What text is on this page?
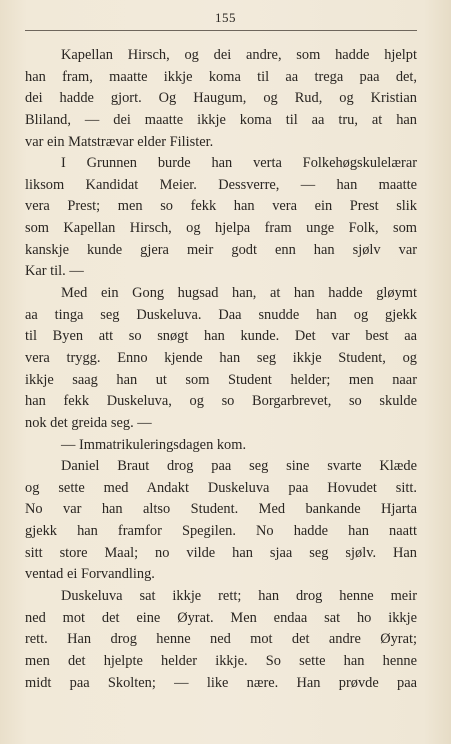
155
Kapellan Hirsch, og dei andre, som hadde hjelpt
han fram, maatte ikkje koma til aa trega paa det,
dei hadde gjort. Og Haugum, og Rud, og Kristian
Bliland, — dei maatte ikkje koma til aa tru, at han
var ein Matstrævar elder Filister.
I Grunnen burde han verta Folkehøgskulelærar
liksom Kandidat Meier. Dessverre, — han maatte
vera Prest; men so fekk han vera ein Prest slik
som Kapellan Hirsch, og hjelpa fram unge Folk, som
kanskje kunde gjera meir godt enn han sjølv var
Kar til. —
Med ein Gong hugsad han, at han hadde gløymt
aa tinga seg Duskeluva. Daa snudde han og gjekk
til Byen att so snøgt han kunde. Det var best aa
vera trygg. Enno kjende han seg ikkje Student, og
ikkje saag han ut som Student helder; men naar
han fekk Duskeluva, og so Borgarbrevet, so skulde
nok det greida seg. —
— Immatrikuleringsdagen kom.
Daniel Braut drog paa seg sine svarte Klæde
og sette med Andakt Duskeluva paa Hovudet sitt.
No var han altso Student. Med bankande Hjarta
gjekk han framfor Spegilen. No hadde han naatt
sitt store Maal; no vilde han sjaa seg sjølv. Han
ventad ei Forvandling.
Duskeluva sat ikkje rett; han drog henne meir
ned mot det eine Øyrat. Men endaa sat ho ikkje
rett. Han drog henne ned mot det andre Øyrat;
men det hjelpte helder ikkje. So sette han henne
midt paa Skolten; — like nære. Han prøvde paa
